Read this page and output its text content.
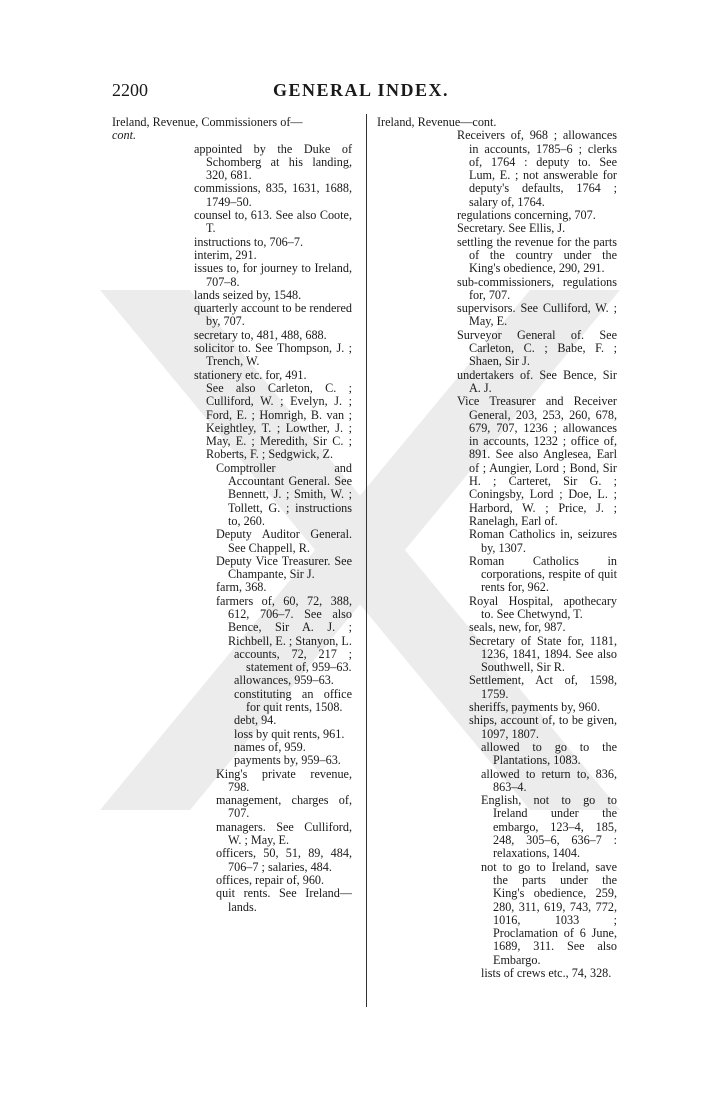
2200	GENERAL INDEX.
Ireland, Revenue, Commissioners of—
cont.
appointed by the Duke of Schomberg at his landing, 320, 681.
commissions, 835, 1631, 1688, 1749–50.
counsel to, 613. See also Coote, T.
instructions to, 706–7.
interim, 291.
issues to, for journey to Ireland, 707–8.
lands seized by, 1548.
quarterly account to be rendered by, 707.
secretary to, 481, 488, 688.
solicitor to. See Thompson, J. ; Trench, W.
stationery etc. for, 491.
See also Carleton, C. ; Culliford, W. ; Evelyn, J. ; Ford, E. ; Homrigh, B. van ; Keightley, T. ; Lowther, J. ; May, E. ; Meredith, Sir C. ; Roberts, F. ; Sedgwick, Z.
Comptroller and Accountant General. See Bennett, J. ; Smith, W. ; Tollett, G. ; instructions to, 260.
Deputy Auditor General. See Chappell, R.
Deputy Vice Treasurer. See Champante, Sir J.
farm, 368.
farmers of, 60, 72, 388, 612, 706–7. See also Bence, Sir A. J. ; Richbell, E. ; Stanyon, L.
accounts, 72, 217 ; statement of, 959–63.
allowances, 959–63.
constituting an office for quit rents, 1508.
debt, 94.
loss by quit rents, 961.
names of, 959.
payments by, 959–63.
King's private revenue, 798.
management, charges of, 707.
managers. See Culliford, W. ; May, E.
officers, 50, 51, 89, 484, 706–7 ; salaries, 484.
offices, repair of, 960.
quit rents. See Ireland—lands.
Ireland, Revenue—cont.
Receivers of, 968 ; allowances in accounts, 1785–6 ; clerks of, 1764 : deputy to. See Lum, E. ; not answerable for deputy's defaults, 1764 ; salary of, 1764.
regulations concerning, 707.
Secretary. See Ellis, J.
settling the revenue for the parts of the country under the King's obedience, 290, 291.
sub-commissioners, regulations for, 707.
supervisors. See Culliford, W. ; May, E.
Surveyor General of. See Carleton, C. ; Babe, F. ; Shaen, Sir J.
undertakers of. See Bence, Sir A. J.
Vice Treasurer and Receiver General, 203, 253, 260, 678, 679, 707, 1236 ; allowances in accounts, 1232 ; office of, 891. See also Anglesea, Earl of ; Aungier, Lord ; Bond, Sir H. ; Carteret, Sir G. ; Coningsby, Lord ; Doe, L. ; Harbord, W. ; Price, J. ; Ranelagh, Earl of.
Roman Catholics in, seizures by, 1307.
Roman Catholics in corporations, respite of quit rents for, 962.
Royal Hospital, apothecary to. See Chetwynd, T.
seals, new, for, 987.
Secretary of State for, 1181, 1236, 1841, 1894. See also Southwell, Sir R.
Settlement, Act of, 1598, 1759.
sheriffs, payments by, 960.
ships, account of, to be given, 1097, 1807.
allowed to go to the Plantations, 1083.
allowed to return to, 836, 863–4.
English, not to go to Ireland under the embargo, 123–4, 185, 248, 305–6, 636–7 : relaxations, 1404.
not to go to Ireland, save the parts under the King's obedience, 259, 280, 311, 619, 743, 772, 1016, 1033 ; Proclamation of 6 June, 1689, 311. See also Embargo.
lists of crews etc., 74, 328.
